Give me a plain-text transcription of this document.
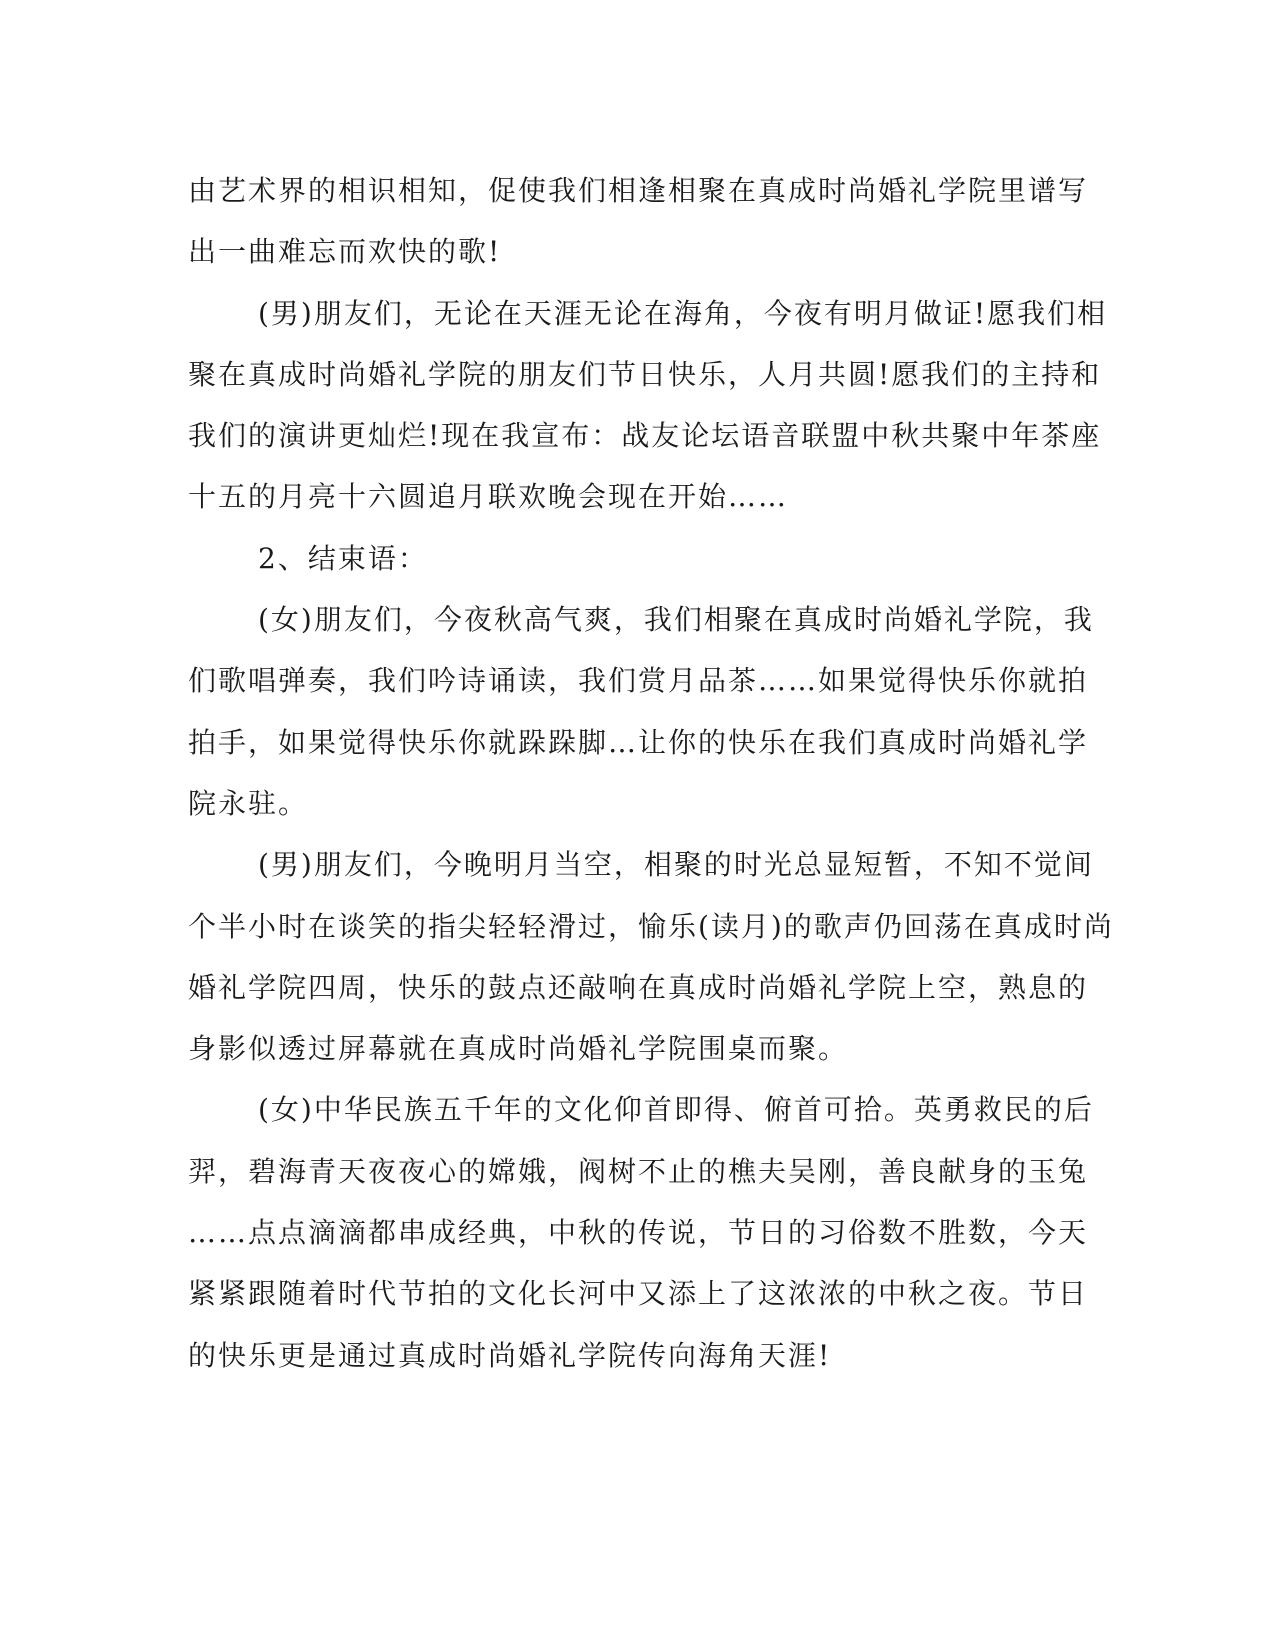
由艺术界的相识相知，促使我们相逢相聚在真成时尚婚礼学院里谱写
出一曲难忘而欢快的歌!
(男)朋友们，无论在天涯无论在海角，今夜有明月做证!愿我们相
聚在真成时尚婚礼学院的朋友们节日快乐，人月共圆!愿我们的主持和
我们的演讲更灿烂!现在我宣布：战友论坛语音联盟中秋共聚中年茶座
十五的月亮十六圆追月联欢晚会现在开始……
2、结束语：
(女)朋友们，今夜秋高气爽，我们相聚在真成时尚婚礼学院，我
们歌唱弹奏，我们吟诗诵读，我们赏月品茶……如果觉得快乐你就拍
拍手，如果觉得快乐你就跺跺脚…让你的快乐在我们真成时尚婚礼学
院永驻。
(男)朋友们，今晚明月当空，相聚的时光总显短暂，不知不觉间
个半小时在谈笑的指尖轻轻滑过，愉乐(读月)的歌声仍回荡在真成时尚
婚礼学院四周，快乐的鼓点还敲响在真成时尚婚礼学院上空，熟息的
身影似透过屏幕就在真成时尚婚礼学院围桌而聚。
(女)中华民族五千年的文化仰首即得、俯首可拾。英勇救民的后
羿，碧海青天夜夜心的嫦娥，阀树不止的樵夫吴刚，善良献身的玉兔
……点点滴滴都串成经典，中秋的传说，节日的习俗数不胜数，今天
紧紧跟随着时代节拍的文化长河中又添上了这浓浓的中秋之夜。节日
的快乐更是通过真成时尚婚礼学院传向海角天涯!
